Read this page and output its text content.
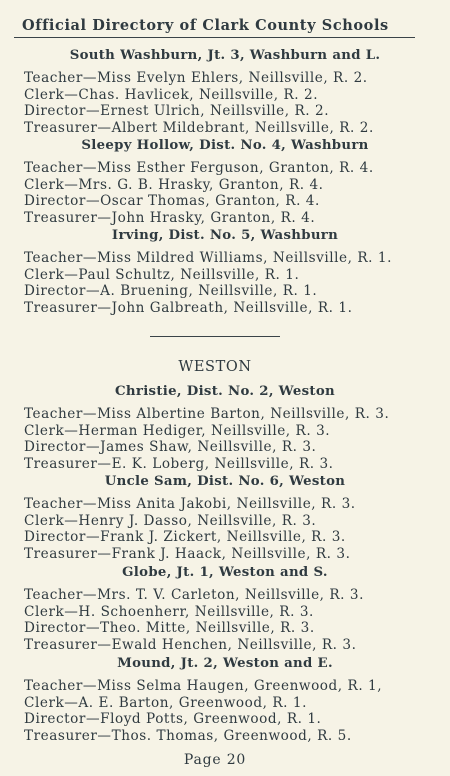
Official Directory of Clark County Schools
South Washburn, Jt. 3, Washburn and L.
Teacher—Miss Evelyn Ehlers, Neillsville, R. 2.
Clerk—Chas. Havlicek, Neillsville, R. 2.
Director—Ernest Ulrich, Neillsville, R. 2.
Treasurer—Albert Mildebrant, Neillsville, R. 2.
Sleepy Hollow, Dist. No. 4, Washburn
Teacher—Miss Esther Ferguson, Granton, R. 4.
Clerk—Mrs. G. B. Hrasky, Granton, R. 4.
Director—Oscar Thomas, Granton, R. 4.
Treasurer—John Hrasky, Granton, R. 4.
Irving, Dist. No. 5, Washburn
Teacher—Miss Mildred Williams, Neillsville, R. 1.
Clerk—Paul Schultz, Neillsville, R. 1.
Director—A. Bruening, Neillsville, R. 1.
Treasurer—John Galbreath, Neillsville, R. 1.
WESTON
Christie, Dist. No. 2, Weston
Teacher—Miss Albertine Barton, Neillsville, R. 3.
Clerk—Herman Hediger, Neillsville, R. 3.
Director—James Shaw, Neillsville, R. 3.
Treasurer—E. K. Loberg, Neillsville, R. 3.
Uncle Sam, Dist. No. 6, Weston
Teacher—Miss Anita Jakobi, Neillsville, R. 3.
Clerk—Henry J. Dasso, Neillsville, R. 3.
Director—Frank J. Zickert, Neillsville, R. 3.
Treasurer—Frank J. Haack, Neillsville, R. 3.
Globe, Jt. 1, Weston and S.
Teacher—Mrs. T. V. Carleton, Neillsville, R. 3.
Clerk—H. Schoenherr, Neillsville, R. 3.
Director—Theo. Mitte, Neillsville, R. 3.
Treasurer—Ewald Henchen, Neillsville, R. 3.
Mound, Jt. 2, Weston and E.
Teacher—Miss Selma Haugen, Greenwood, R. 1,
Clerk—A. E. Barton, Greenwood, R. 1.
Director—Floyd Potts, Greenwood, R. 1.
Treasurer—Thos. Thomas, Greenwood, R. 5.
Page 20
